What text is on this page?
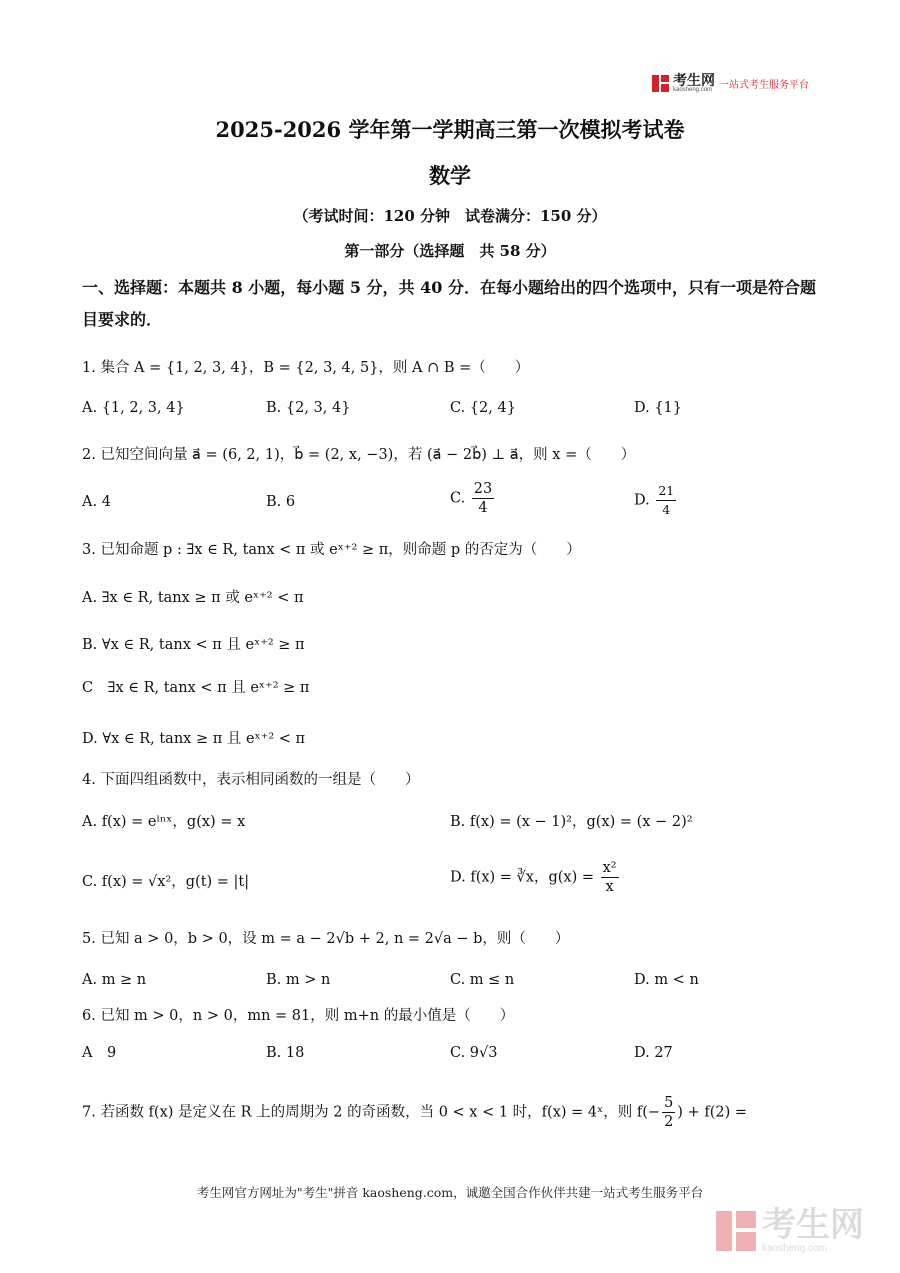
考生网
kaosheng.com 一站式考生服务平台
2025-2026 学年第一学期高三第一次模拟考试卷
数学
（考试时间：120 分钟　试卷满分：150 分）
第一部分（选择题　共 58 分）
一、选择题：本题共 8 小题，每小题 5 分，共 40 分．在每小题给出的四个选项中，只有一项是符合题目要求的．
1. 集合 A = {1, 2, 3, 4}，B = {2, 3, 4, 5}，则 A ∩ B =（　　）
A. {1, 2, 3, 4}	B. {2, 3, 4}	C. {2, 4}	D. {1}
2. 已知空间向量 a⃗ = (6, 2, 1)，b⃗ = (2, x, −3)，若 (a⃗ − 2b⃗) ⊥ a⃗，则 x =（　　）
A. 4	B. 6	C. $\frac{23}{4}$	D. $\frac{21}{4}$
3. 已知命题 p : ∃x ∈ R, tanx < π 或 eˣ⁺² ≥ π，则命题 p 的否定为（　　）
A. ∃x ∈ R, tanx ≥ π 或 eˣ⁺² < π
B. ∀x ∈ R, tanx < π 且 eˣ⁺² ≥ π
C　∃x ∈ R, tanx < π 且 eˣ⁺² ≥ π
D. ∀x ∈ R, tanx ≥ π 且 eˣ⁺² < π
4. 下面四组函数中，表示相同函数的一组是（　　）
A. f(x) = eˡⁿˣ，g(x) = x	B. f(x) = (x − 1)²，g(x) = (x − 2)²
C. f(x) = √x²，g(t) = |t|	D. f(x) = ∛x，$g(x) = \frac{\text{x²}}{x}$
5. 已知 a > 0，b > 0，设 m = a − 2√b + 2, n = 2√a − b，则（　　）
A. m ≥ n	B. m > n	C. m ≤ n	D. m < n
6. 已知 m > 0，n > 0，mn = 81，则 m+n 的最小值是（　　）
A　9	B. 18	C. 9√3	D. 27
7. 若函数 f(x) 是定义在 R 上的周期为 2 的奇函数，当 0 < x < 1 时，f(x) = 4ˣ，则 $f(- \frac{5}{2}$ ) + f(2) =
考生网官方网址为"考生"拼音 kaosheng.com，诚邀全国合作伙伴共建一站式考生服务平台
考生网
kaosheng.com
